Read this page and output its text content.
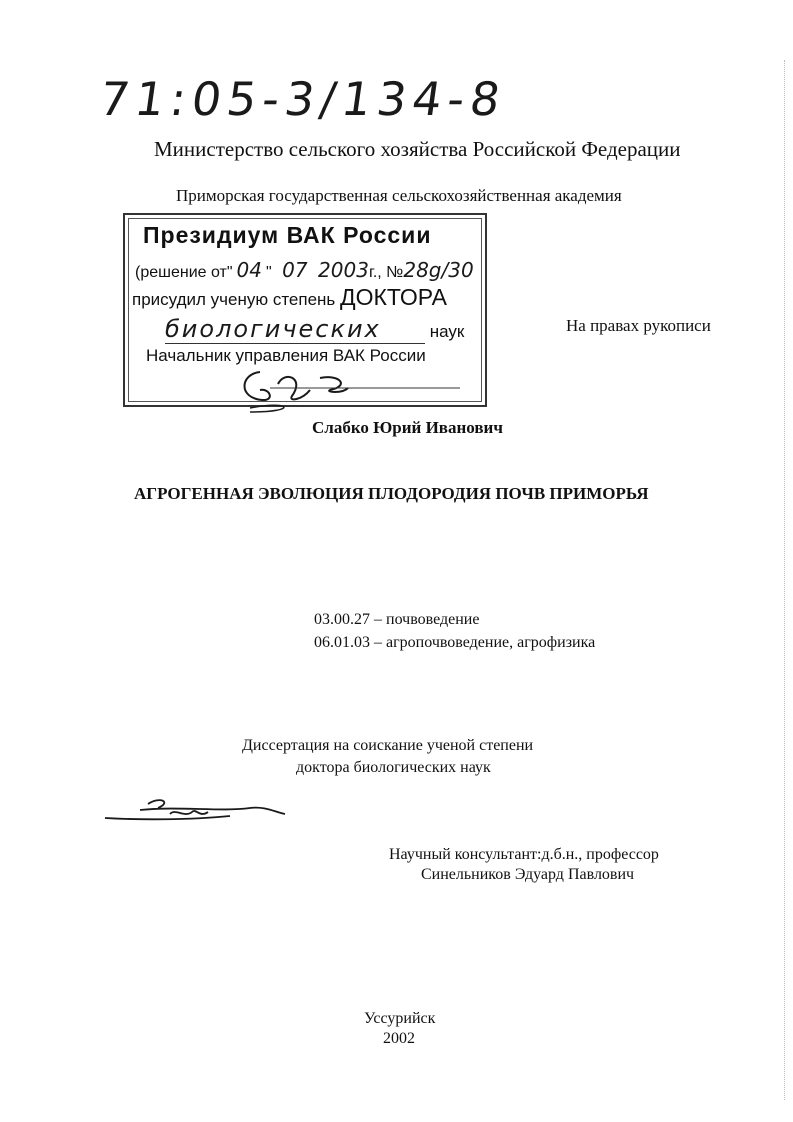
71:05-3/134-8
Министерство сельского хозяйства Российской Федерации
Приморская государственная сельскохозяйственная академия
Президиум ВАК России
(решение от" 04 " 07 2003г., №28g/30
присудил ученую степень ДОКТОРА
биологических	наук
Начальник управления ВАК России
На правах рукописи
Слабко Юрий Иванович
АГРОГЕННАЯ ЭВОЛЮЦИЯ ПЛОДОРОДИЯ ПОЧВ ПРИМОРЬЯ
03.00.27 – почвоведение
06.01.03 – агропочвоведение, агрофизика
Диссертация на соискание ученой степени
доктора биологических наук
Научный консультант:д.б.н., профессор
Синельников Эдуард Павлович
Уссурийск
2002
